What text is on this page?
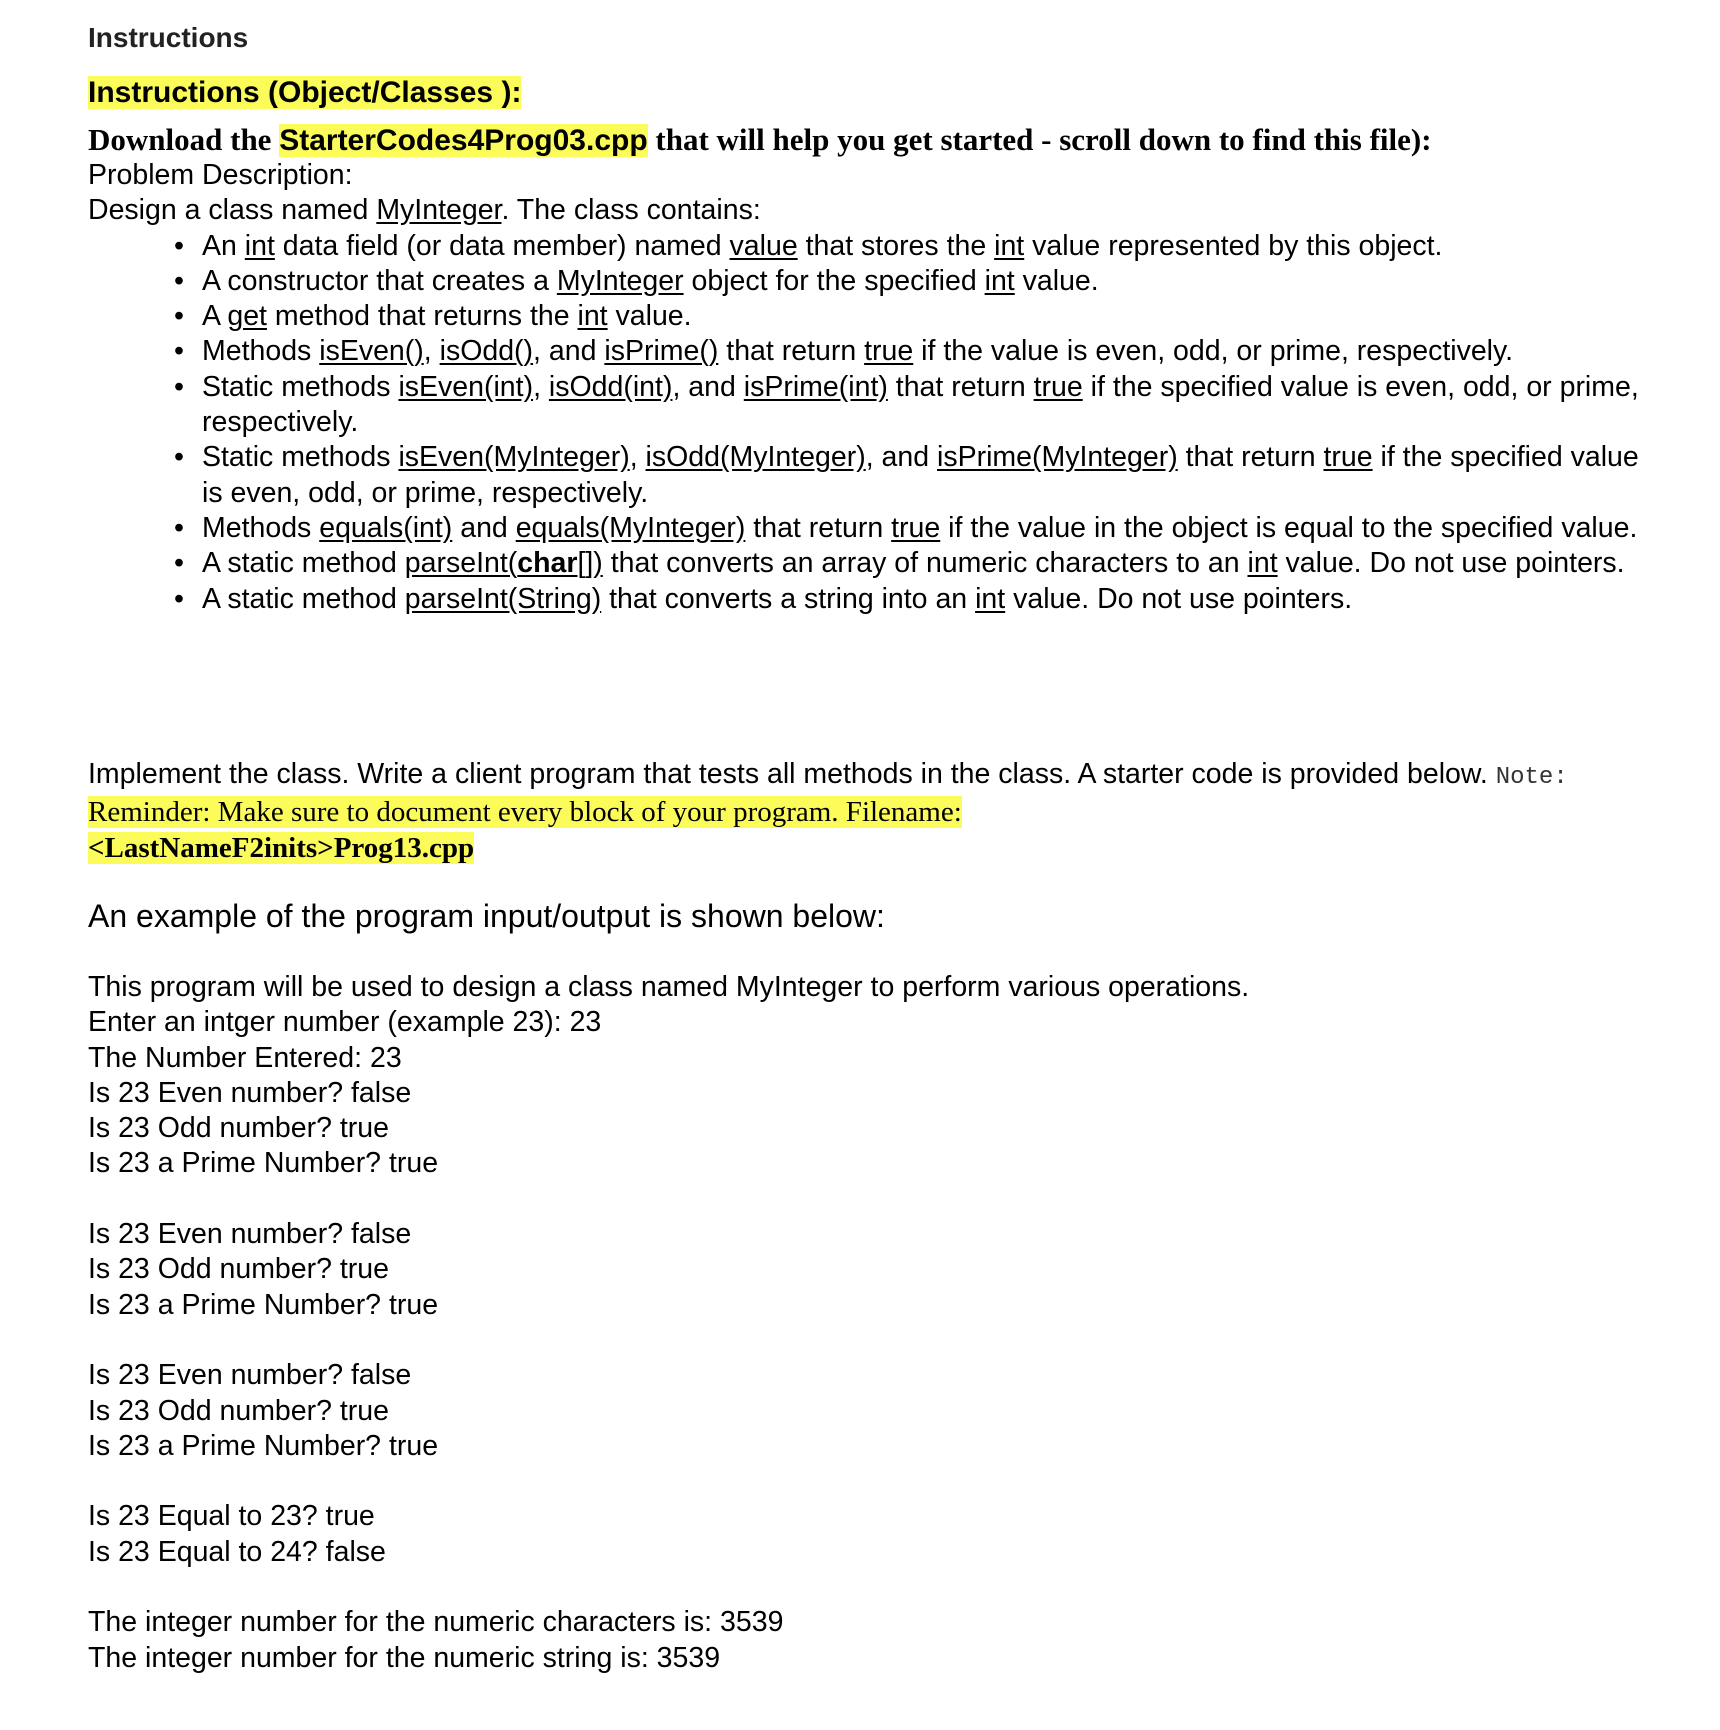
Instructions
Instructions (Object/Classes ):
Download the StarterCodes4Prog03.cpp that will help you get started - scroll down to find this file):
Problem Description:
Design a class named MyInteger. The class contains:
• An int data field (or data member) named value that stores the int value represented by this object.
• A constructor that creates a MyInteger object for the specified int value.
• A get method that returns the int value.
• Methods isEven(), isOdd(), and isPrime() that return true if the value is even, odd, or prime, respectively.
• Static methods isEven(int), isOdd(int), and isPrime(int) that return true if the specified value is even, odd, or prime, respectively.
• Static methods isEven(MyInteger), isOdd(MyInteger), and isPrime(MyInteger) that return true if the specified value is even, odd, or prime, respectively.
• Methods equals(int) and equals(MyInteger) that return true if the value in the object is equal to the specified value.
• A static method parseInt(char[]) that converts an array of numeric characters to an int value. Do not use pointers.
• A static method parseInt(String) that converts a string into an int value. Do not use pointers.
Implement the class. Write a client program that tests all methods in the class. A starter code is provided below. Note: Reminder: Make sure to document every block of your program. Filename:
<LastNameF2inits>Prog13.cpp
An example of the program input/output is shown below:
This program will be used to design a class named MyInteger to perform various operations.
Enter an intger number (example 23): 23
The Number Entered: 23
Is 23 Even number? false
Is 23 Odd number? true
Is 23 a Prime Number? true
Is 23 Even number? false
Is 23 Odd number? true
Is 23 a Prime Number? true
Is 23 Even number? false
Is 23 Odd number? true
Is 23 a Prime Number? true
Is 23 Equal to 23? true
Is 23 Equal to 24? false
The integer number for the numeric characters is: 3539
The integer number for the numeric string is: 3539
